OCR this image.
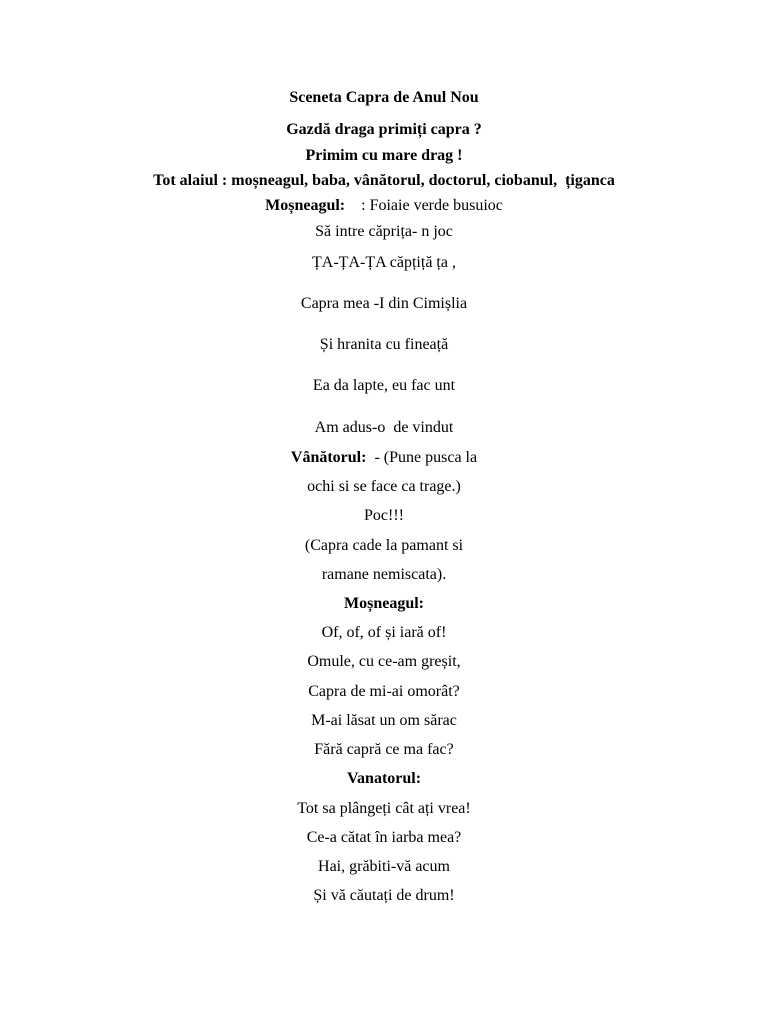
Sceneta Capra de Anul Nou
Gazdă draga primiți capra ?
Primim cu mare drag !
Tot alaiul : moșneagul, baba, vânătorul, doctorul, ciobanul,  țiganca
Moșneagul:    : Foiaie verde busuioc
Să intre căprița- n joc
ȚA-ȚA-ȚA căpțiță ța ,
Capra mea -I din Cimișlia
Și hranita cu fineață
Ea da lapte, eu fac unt
Am adus-o  de vindut
Vânătorul:  - (Pune pusca la
ochi si se face ca trage.)
Poc!!!
(Capra cade la pamant si
ramane nemiscata).
Moșneagul:
Of, of, of și iară of!
Omule, cu ce-am greșit,
Capra de mi-ai omorât?
M-ai lăsat un om sărac
Fără capră ce ma fac?
Vanatorul:
Tot sa plângeți cât ați vrea!
Ce-a cătat în iarba mea?
Hai, grăbiti-vă acum
Și vă căutați de drum!
